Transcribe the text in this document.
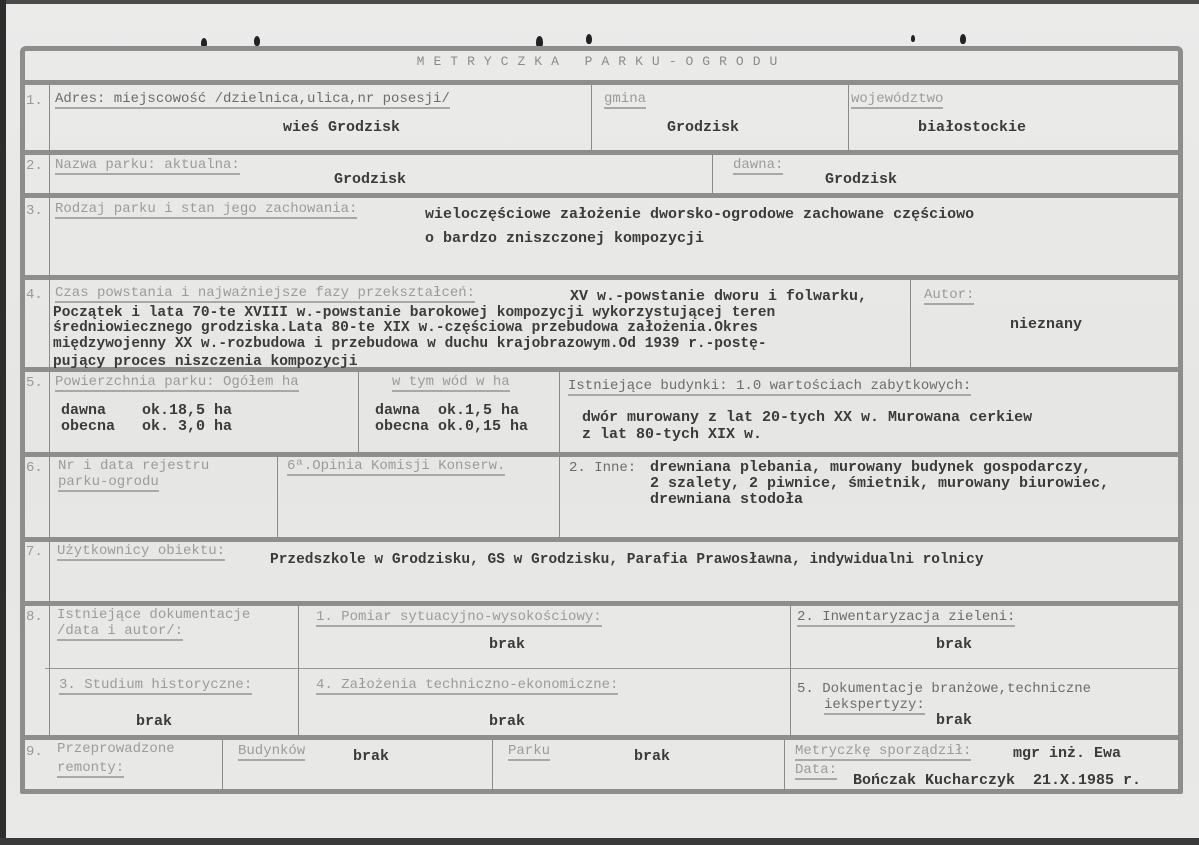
METRYCZKA PARKU-OGRODU
1. Adres: miejscowość /dzielnica,ulica,nr posesji/
wieś Grodzisk
gmina
Grodzisk
województwo
białostockie
2. Nazwa parku: aktualna:
Grodzisk
dawna:
Grodzisk
3. Rodzaj parku i stan jego zachowania:	wieloczęściowe założenie dworsko-ogrodowe zachowane częściowo
o bardzo zniszczonej kompozycji
4. Czas powstania i najważniejsze fazy przekształceń:	XV w.-powstanie dworu i folwarku,
Początek i lata 70-te XVIII w.-powstanie barokowej kompozycji wykorzystującej teren
średniowiecznego grodziska.Lata 80-te XIX w.-częściowa przebudowa założenia.Okres
międzywojenny XX w.-rozbudowa i przebudowa w duchu krajobrazowym.Od 1939 r.-postę-
pujący proces niszczenia kompozycji
Autor:
nieznany
5. Powierzchnia parku: Ogółem ha
dawna    ok.18,5 ha
obecna   ok. 3,0 ha
w tym wód w ha
dawna  ok.1,5 ha
obecna ok.0,15 ha
Istniejące budynki: 1.0 wartościach zabytkowych:
dwór murowany z lat 20-tych XX w. Murowana cerkiew
z lat 80-tych XIX w.
6. Nr i data rejestru
parku-ogrodu
6ª.Opinia Komisji Konserw.	2. Inne: drewniana plebania, murowany budynek gospodarczy,
2 szalety, 2 piwnice, śmietnik, murowany biurowiec,
drewniana stodoła
7. Użytkownicy obiektu:
Przedszkole w Grodzisku, GS w Grodzisku, Parafia Prawosławna, indywidualni rolnicy
8. Istniejące dokumentacje
/data i autor/:
1. Pomiar sytuacyjno-wysokościowy:
brak
2. Inwentaryzacja zieleni:
brak
3. Studium historyczne:
brak
4. Założenia techniczno-ekonomiczne:
brak
5. Dokumentacje branżowe,techniczne
iekspertyzy:
brak
9. Przeprowadzone
remonty:
Budynków	brak	Parku	brak	Metryczkę sporządził:	mgr inż. Ewa
Data:
Bończak Kucharczyk  21.X.1985 r.
